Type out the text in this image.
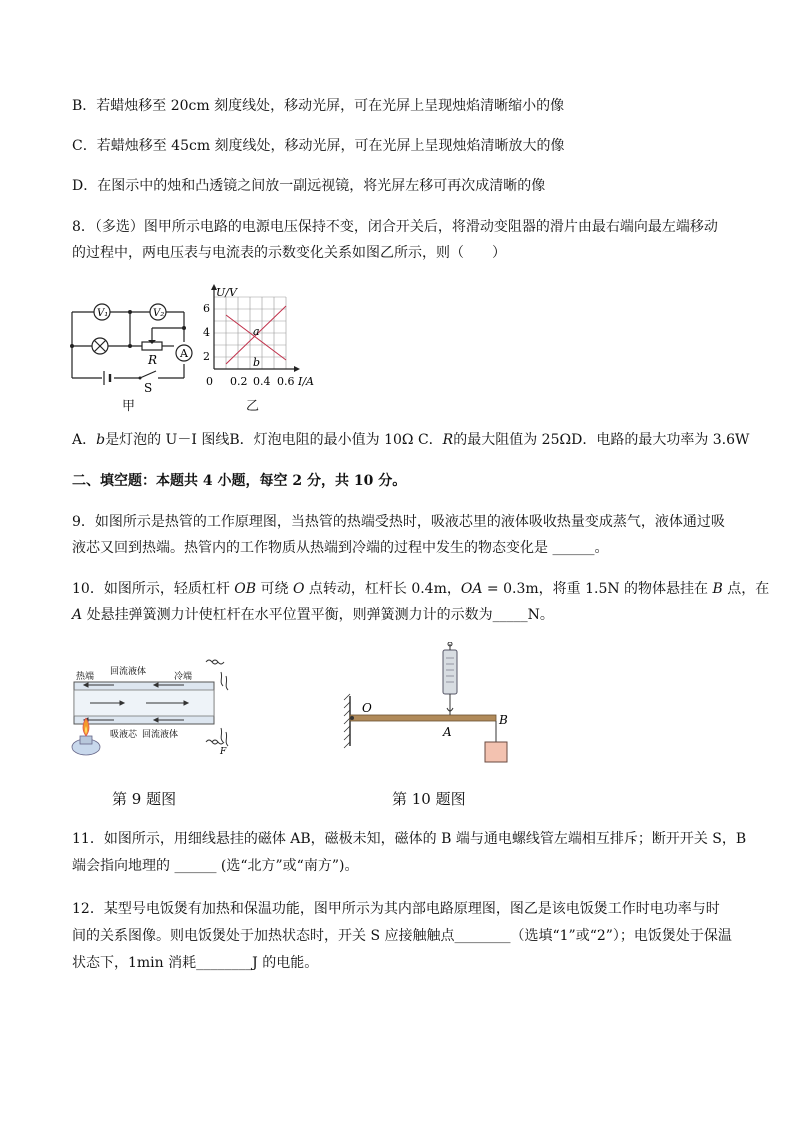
B．若蜡烛移至 20cm 刻度线处，移动光屏，可在光屏上呈现烛焰清晰缩小的像
C．若蜡烛移至 45cm 刻度线处，移动光屏，可在光屏上呈现烛焰清晰放大的像
D．在图示中的烛和凸透镜之间放一副远视镜，将光屏左移可再次成清晰的像
8．（多选）图甲所示电路的电源电压保持不变，闭合开关后，将滑动变阻器的滑片由最右端向最左端移动
的过程中，两电压表与电流表的示数变化关系如图乙所示，则（　　）
V₁	V₂
A
R
S
甲
U/V
I/A
6
4
2
0 0.2 0.4 0.6
a
b
乙
A．b是灯泡的 U－I 图线B．灯泡电阻的最小值为 10Ω C．R的最大阻值为 25ΩD．电路的最大功率为 3.6W
二、填空题：本题共 4 小题，每空 2 分，共 10 分。
9．如图所示是热管的工作原理图，当热管的热端受热时，吸液芯里的液体吸收热量变成蒸气，液体通过吸
液芯又回到热端。热管内的工作物质从热端到冷端的过程中发生的物态变化是 ______。
10．如图所示，轻质杠杆 OB 可绕 O 点转动，杠杆长 0.4m，OA = 0.3m，将重 1.5N 的物体悬挂在 B 点，在
A 处悬挂弹簧测力计使杠杆在水平位置平衡，则弹簧测力计的示数为_____N。
热端 回流液体	冷端
吸液芯 回流液体
F
第 9 题图
O
A
B
第 10 题图
11．如图所示，用细线悬挂的磁体 AB，磁极未知，磁体的 B 端与通电螺线管左端相互排斥；断开开关 S，B
端会指向地理的 ______ (选“北方”或“南方”)。
12．某型号电饭煲有加热和保温功能，图甲所示为其内部电路原理图，图乙是该电饭煲工作时电功率与时
间的关系图像。则电饭煲处于加热状态时，开关 S 应接触触点________（选填“1”或“2”）；电饭煲处于保温
状态下，1min 消耗________J 的电能。
